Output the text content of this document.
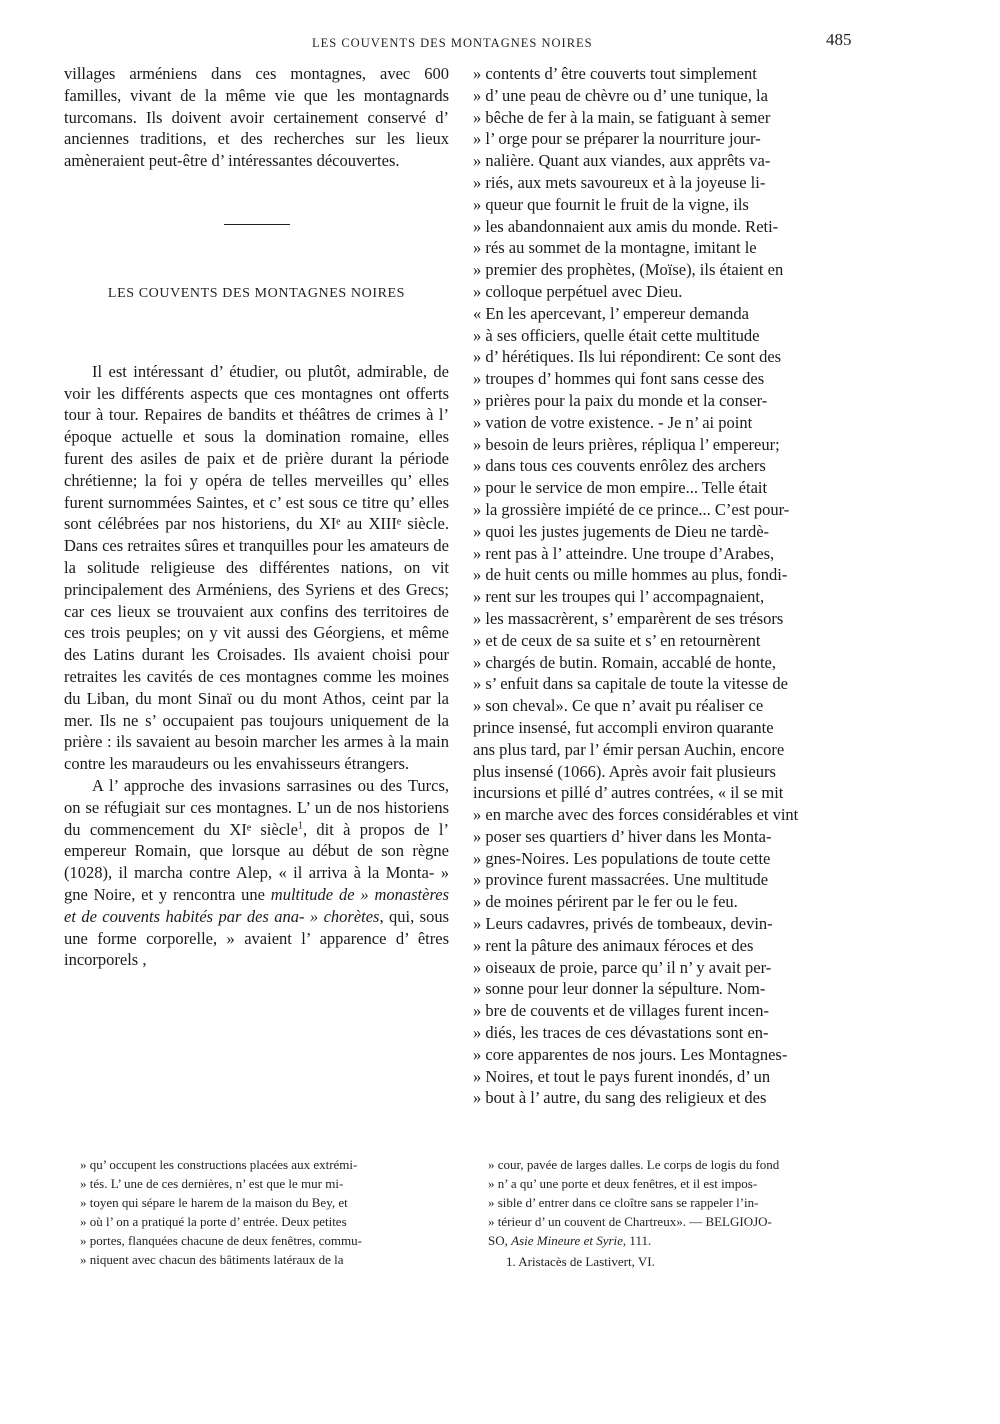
LES COUVENTS DES MONTAGNES NOIRES	485

villages arméniens dans ces montagnes, avec 600 familles, vivant de la même vie que les montagnards turcomans. Ils doivent avoir certainement conservé d’ anciennes traditions, et des recherches sur les lieux amèneraient peut-être d’ intéressantes découvertes.

LES COUVENTS DES MONTAGNES NOIRES

Il est intéressant d’ étudier, ou plutôt, admirable, de voir les différents aspects que ces montagnes ont offerts tour à tour. Repaires de bandits et théâtres de crimes à l’ époque actuelle et sous la domination romaine, elles furent des asiles de paix et de prière durant la période chrétienne; la foi y opéra de telles merveilles qu’ elles furent surnommées Saintes, et c’ est sous ce titre qu’ elles sont célébrées par nos historiens, du XIᵉ au XIIIᵉ siècle. Dans ces retraites sûres et tranquilles pour les amateurs de la solitude religieuse des différentes nations, on vit principalement des Arméniens, des Syriens et des Grecs; car ces lieux se trouvaient aux confins des territoires de ces trois peuples; on y vit aussi des Géorgiens, et même des Latins durant les Croisades. Ils avaient choisi pour retraites les cavités de ces montagnes comme les moines du Liban, du mont Sinaï ou du mont Athos, ceint par la mer. Ils ne s’ occupaient pas toujours uniquement de la prière : ils savaient au besoin marcher les armes à la main contre les maraudeurs ou les envahisseurs étrangers.

A l’ approche des invasions sarrasines ou des Turcs, on se réfugiait sur ces montagnes. L’ un de nos historiens du commencement du XIᵉ siècle$^1$, dit à propos de l’ empereur Romain, que lorsque au début de son règne (1028), il marcha contre Alep, « il arriva à la Monta- » gne Noire, et y rencontra une multitude de » monastères et de couvents habités par des ana- » chorètes, qui, sous une forme corporelle, » avaient l’ apparence d’ êtres incorporels ,

» contents d’ être couverts tout simplement
» d’ une peau de chèvre ou d’ une tunique, la
» bêche de fer à la main, se fatiguant à semer
» l’ orge pour se préparer la nourriture jour-
» nalière. Quant aux viandes, aux apprêts va-
» riés, aux mets savoureux et à la joyeuse li-
» queur que fournit le fruit de la vigne, ils
» les abandonnaient aux amis du monde. Reti-
» rés au sommet de la montagne, imitant le
» premier des prophètes, (Moïse), ils étaient en
» colloque perpétuel avec Dieu.
« En les apercevant, l’ empereur demanda
» à ses officiers, quelle était cette multitude
» d’ hérétiques. Ils lui répondirent: Ce sont des
» troupes d’ hommes qui font sans cesse des
» prières pour la paix du monde et la conser-
» vation de votre existence. - Je n’ ai point
» besoin de leurs prières, répliqua l’ empereur;
» dans tous ces couvents enrôlez des archers
» pour le service de mon empire... Telle était
» la grossière impiété de ce prince... C’est pour-
» quoi les justes jugements de Dieu ne tardè-
» rent pas à l’ atteindre. Une troupe d’Arabes,
» de huit cents ou mille hommes au plus, fondi-
» rent sur les troupes qui l’ accompagnaient,
» les massacrèrent, s’ emparèrent de ses trésors
» et de ceux de sa suite et s’ en retournèrent
» chargés de butin. Romain, accablé de honte,
» s’ enfuit dans sa capitale de toute la vitesse de
» son cheval». Ce que n’ avait pu réaliser ce
prince insensé, fut accompli environ quarante
ans plus tard, par l’ émir persan Auchin, encore
plus insensé (1066). Après avoir fait plusieurs
incursions et pillé d’ autres contrées, « il se mit
» en marche avec des forces considérables et vint
» poser ses quartiers d’ hiver dans les Monta-
» gnes-Noires. Les populations de toute cette
» province furent massacrées. Une multitude
» de moines périrent par le fer ou le feu.
» Leurs cadavres, privés de tombeaux, devin-
» rent la pâture des animaux féroces et des
» oiseaux de proie, parce qu’ il n’ y avait per-
» sonne pour leur donner la sépulture. Nom-
» bre de couvents et de villages furent incen-
» diés, les traces de ces dévastations sont en-
» core apparentes de nos jours. Les Montagnes-
» Noires, et tout le pays furent inondés, d’ un
» bout à l’ autre, du sang des religieux et des
» qu’ occupent les constructions placées aux extrémi-
» tés. L’ une de ces dernières, n’ est que le mur mi-
» toyen qui sépare le harem de la maison du Bey, et
» où l’ on a pratiqué la porte d’ entrée. Deux petites
» portes, flanquées chacune de deux fenêtres, commu-
» niquent avec chacun des bâtiments latéraux de la
» cour, pavée de larges dalles. Le corps de logis du fond
» n’ a qu’ une porte et deux fenêtres, et il est impos-
» sible d’ entrer dans ce cloître sans se rappeler l’in-
» térieur d’ un couvent de Chartreux». — BELGIOJO-
SO, Asie Mineure et Syrie, 111.
1. Aristacès de Lastivert, VI.
